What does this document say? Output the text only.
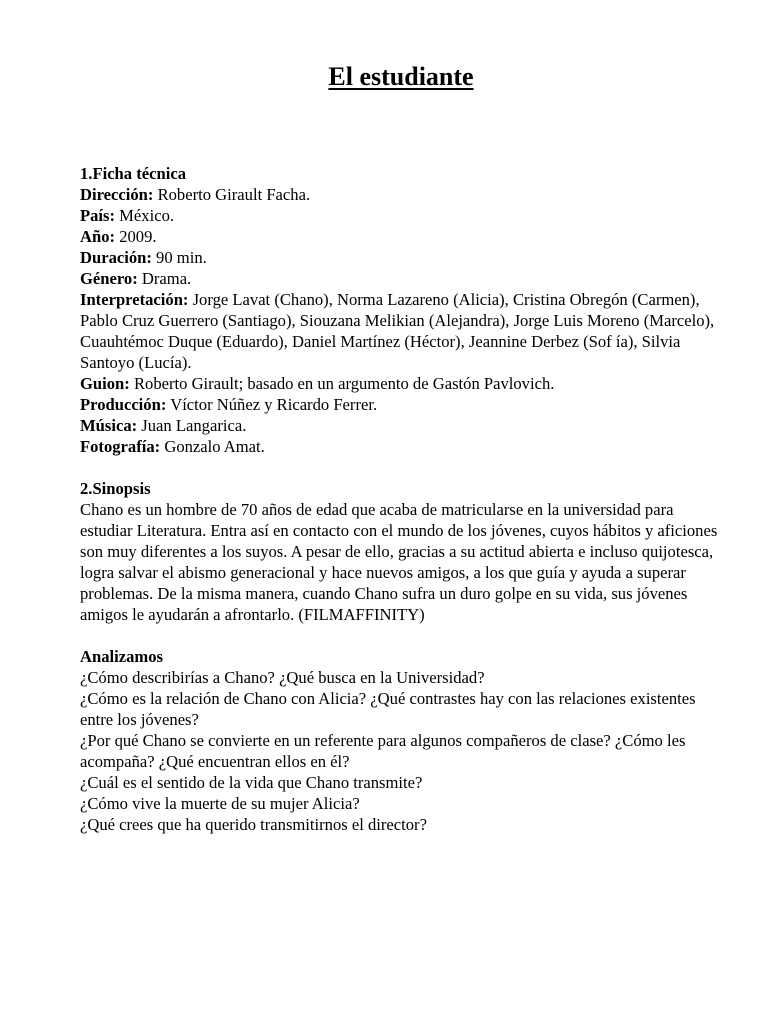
El estudiante

1.Ficha técnica

Dirección: Roberto Girault Facha.

País: México.

Año: 2009.

Duración: 90 min.

Género: Drama.

Interpretación: Jorge Lavat (Chano), Norma Lazareno (Alicia), Cristina Obregón (Carmen), Pablo Cruz Guerrero (Santiago), Siouzana Melikian (Alejandra), Jorge Luis Moreno (Marcelo), Cuauhtémoc Duque (Eduardo), Daniel Martínez (Héctor), Jeannine Derbez (Sof ía), Silvia Santoyo (Lucía).

Guion: Roberto Girault; basado en un argumento de Gastón Pavlovich.

Producción: Víctor Núñez y Ricardo Ferrer.

Música: Juan Langarica.

Fotografía: Gonzalo Amat.

2.Sinopsis

Chano es un hombre de 70 años de edad que acaba de matricularse en la universidad para estudiar Literatura. Entra así en contacto con el mundo de los jóvenes, cuyos hábitos y aficiones son muy diferentes a los suyos. A pesar de ello, gracias a su actitud abierta e incluso quijotesca, logra salvar el abismo generacional y hace nuevos amigos, a los que guía y ayuda a superar problemas. De la misma manera, cuando Chano sufra un duro golpe en su vida, sus jóvenes amigos le ayudarán a afrontarlo. (FILMAFFINITY)

Analizamos

¿Cómo describirías a Chano? ¿Qué busca en la Universidad?

¿Cómo es la relación de Chano con Alicia? ¿Qué contrastes hay con las relaciones existentes entre los jóvenes?

¿Por qué Chano se convierte en un referente para algunos compañeros de clase? ¿Cómo les acompaña? ¿Qué encuentran ellos en él?

¿Cuál es el sentido de la vida que Chano transmite?

¿Cómo vive la muerte de su mujer Alicia?

¿Qué crees que ha querido transmitirnos el director?
